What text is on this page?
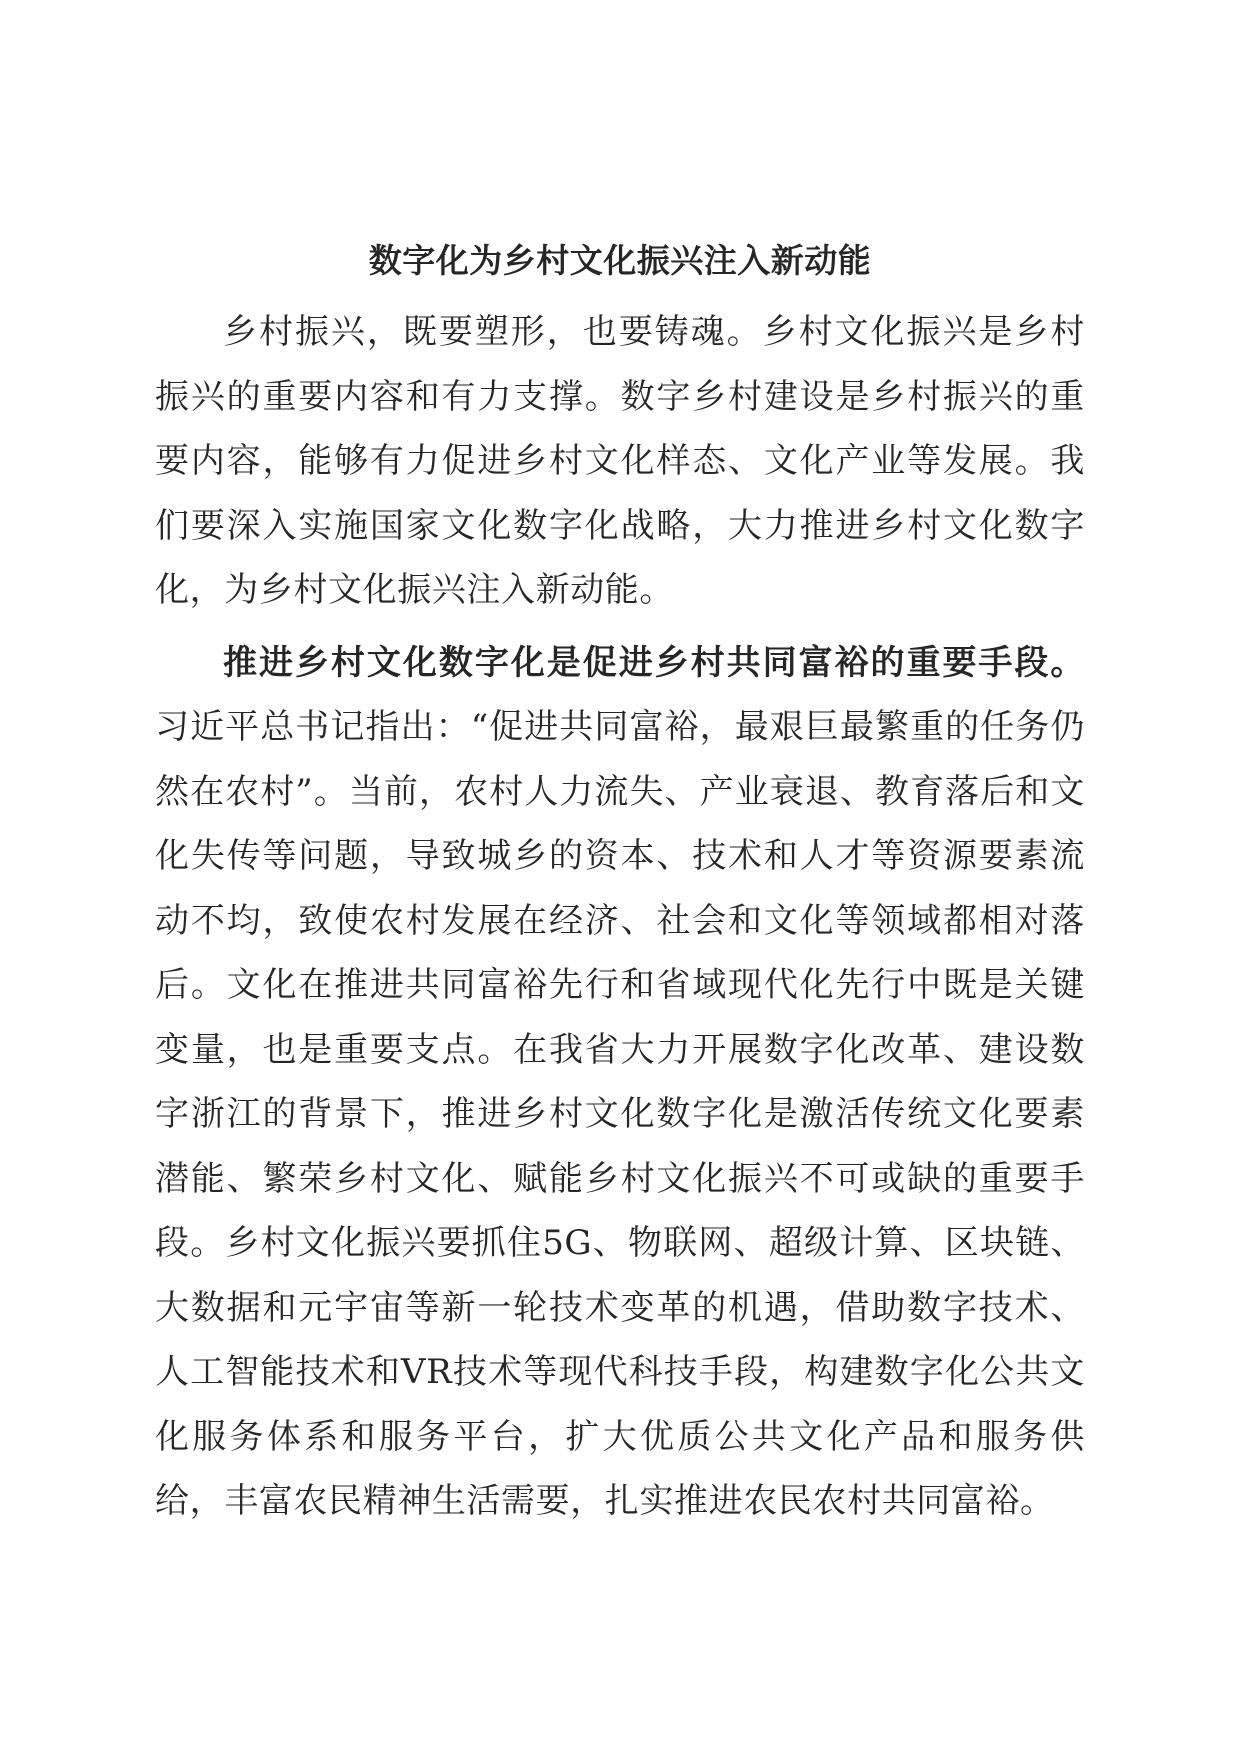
数字化为乡村文化振兴注入新动能

乡村振兴，既要塑形，也要铸魂。乡村文化振兴是乡村振兴的重要内容和有力支撑。数字乡村建设是乡村振兴的重要内容，能够有力促进乡村文化样态、文化产业等发展。我们要深入实施国家文化数字化战略，大力推进乡村文化数字化，为乡村文化振兴注入新动能。

推进乡村文化数字化是促进乡村共同富裕的重要手段。习近平总书记指出：“促进共同富裕，最艰巨最繁重的任务仍然在农村”。当前，农村人力流失、产业衰退、教育落后和文化失传等问题，导致城乡的资本、技术和人才等资源要素流动不均，致使农村发展在经济、社会和文化等领域都相对落后。文化在推进共同富裕先行和省域现代化先行中既是关键变量，也是重要支点。在我省大力开展数字化改革、建设数字浙江的背景下，推进乡村文化数字化是激活传统文化要素潜能、繁荣乡村文化、赋能乡村文化振兴不可或缺的重要手段。乡村文化振兴要抓住5G、物联网、超级计算、区块链、大数据和元宇宙等新一轮技术变革的机遇，借助数字技术、人工智能技术和VR技术等现代科技手段，构建数字化公共文化服务体系和服务平台，扩大优质公共文化产品和服务供给，丰富农民精神生活需要，扎实推进农民农村共同富裕。
